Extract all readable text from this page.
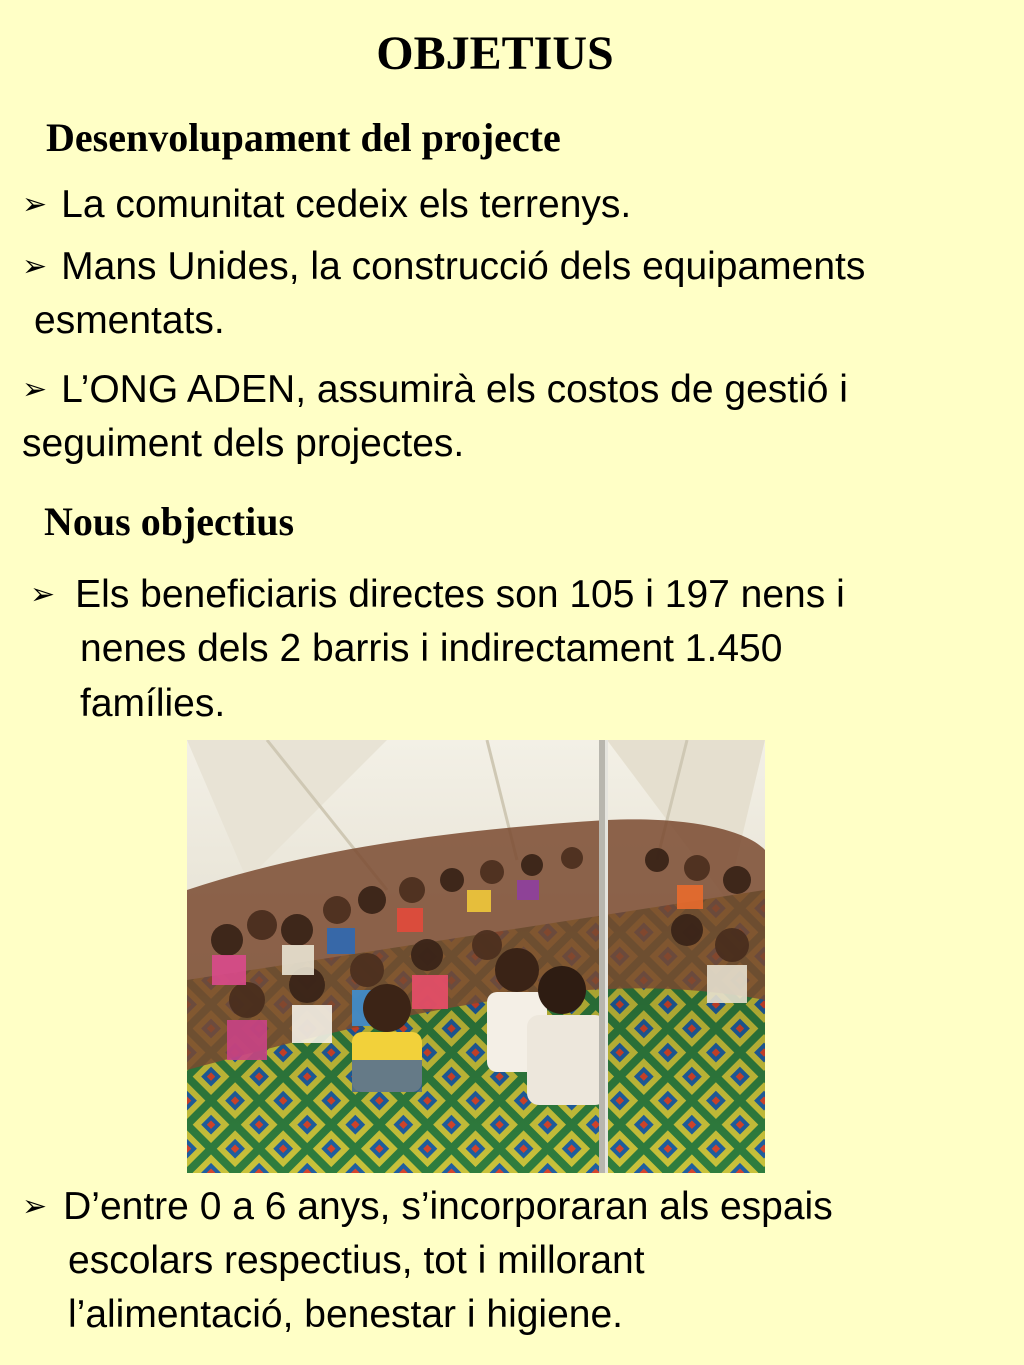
OBJETIUS
Desenvolupament del projecte
➢ La comunitat cedeix els terrenys.
➢ Mans Unides, la construcció dels equipaments
esmentats.
➢ L’ONG ADEN, assumirà els costos de gestió i
seguiment dels projectes.
Nous objectius
➢ Els beneficiaris directes son 105 i 197 nens i
nenes dels 2 barris i indirectament 1.450
famílies.
➢ D’entre 0 a 6 anys, s’incorporaran als espais
escolars respectius, tot i millorant
l’alimentació, benestar i higiene.
